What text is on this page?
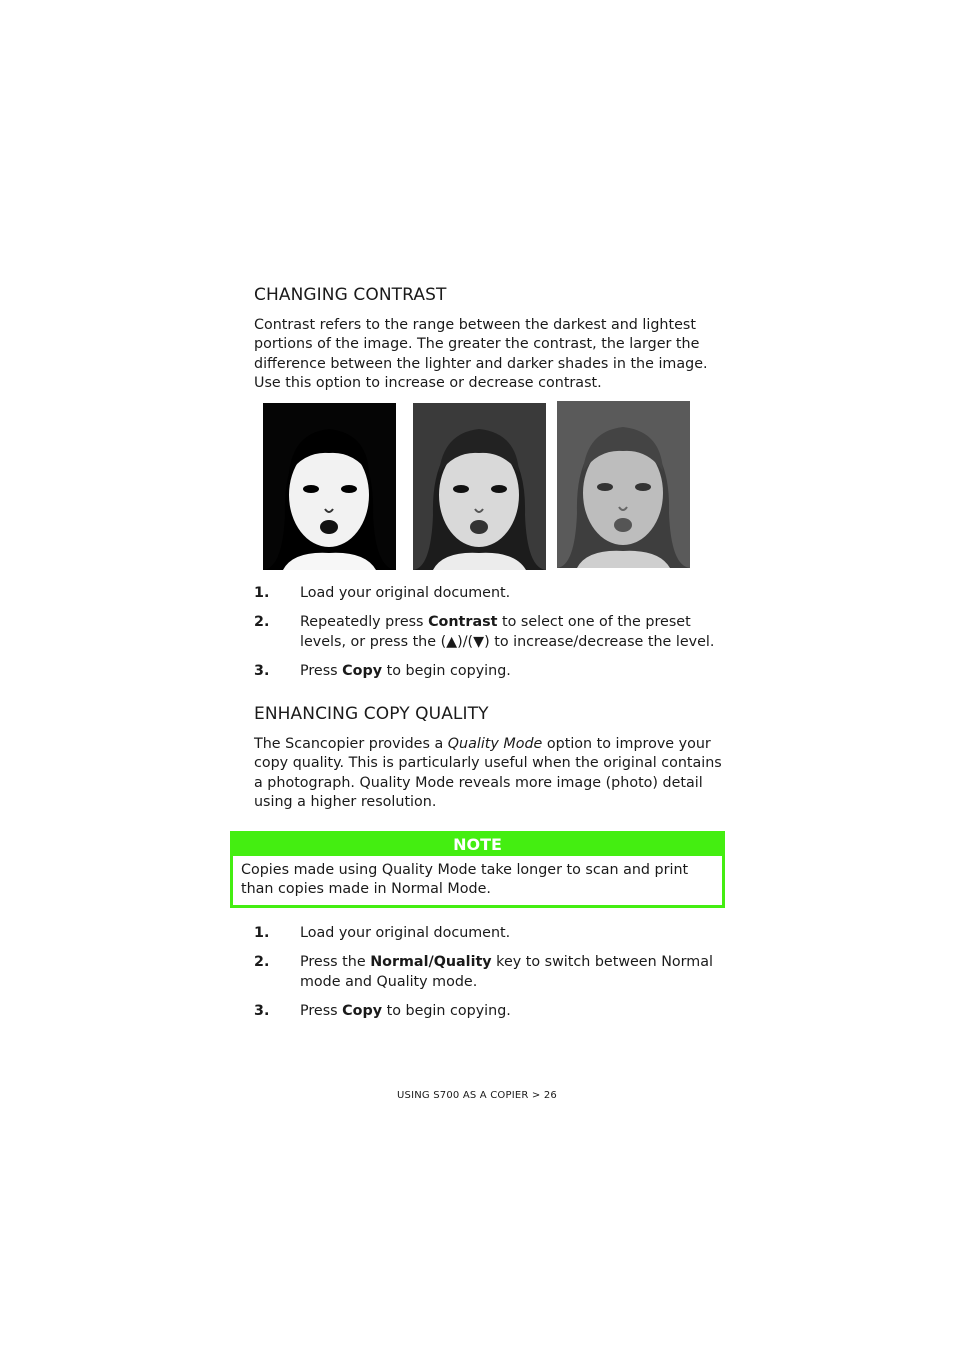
CHANGING CONTRAST

Contrast refers to the range between the darkest and lightest portions of the image. The greater the contrast, the larger the difference between the lighter and darker shades in the image. Use this option to increase or decrease contrast.

1. Load your original document.
2. Repeatedly press Contrast to select one of the preset levels, or press the (▲)/(▼) to increase/decrease the level.
3. Press Copy to begin copying.
ENHANCING COPY QUALITY

The Scancopier provides a Quality Mode option to improve your copy quality. This is particularly useful when the original contains a photograph. Quality Mode reveals more image (photo) detail using a higher resolution.

NOTE
Copies made using Quality Mode take longer to scan and print than copies made in Normal Mode.
1. Load your original document.
2. Press the Normal/Quality key to switch between Normal mode and Quality mode.
3. Press Copy to begin copying.
USING S700 AS A COPIER > 26
